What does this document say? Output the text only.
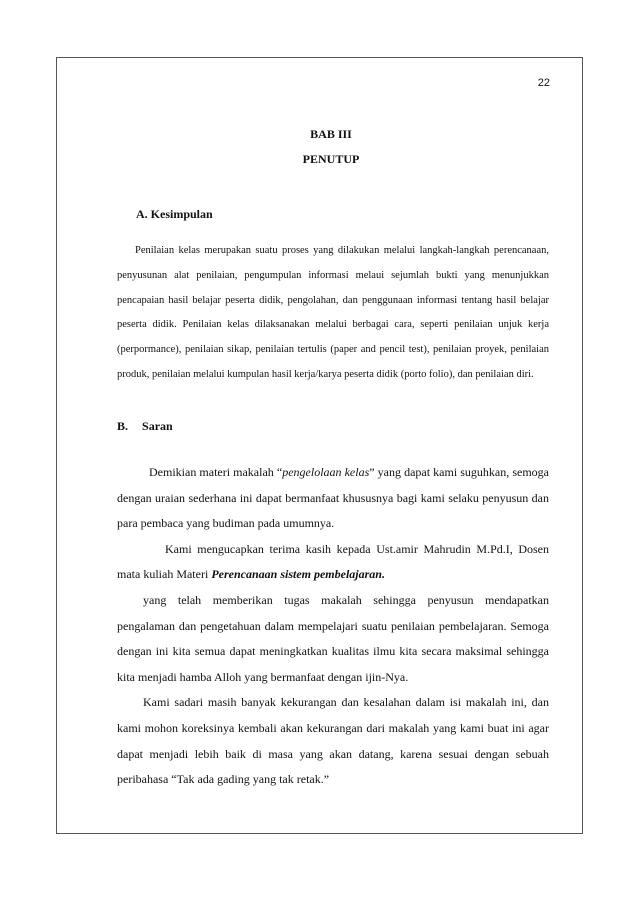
22
BAB III
PENUTUP
A. Kesimpulan

Penilaian kelas merupakan suatu proses yang dilakukan melalui langkah-langkah perencanaan, penyusunan alat penilaian, pengumpulan informasi melaui sejumlah bukti yang menunjukkan pencapaian hasil belajar peserta didik, pengolahan, dan penggunaan informasi tentang hasil belajar peserta didik. Penilaian kelas dilaksanakan melalui berbagai cara, seperti penilaian unjuk kerja (perpormance), penilaian sikap, penilaian tertulis (paper and pencil test), penilaian proyek, penilaian produk, penilaian melalui kumpulan hasil kerja/karya peserta didik (porto folio), dan penilaian diri.

B. Saran
Demikian materi makalah “pengelolaan kelas” yang dapat kami suguhkan, semoga dengan uraian sederhana ini dapat bermanfaat khususnya bagi kami selaku penyusun dan para pembaca yang budiman pada umumnya.
Kami mengucapkan terima kasih kepada Ust.amir Mahrudin M.Pd.I, Dosen mata kuliah Materi Perencanaan sistem pembelajaran.
yang telah memberikan tugas makalah sehingga penyusun mendapatkan pengalaman dan pengetahuan dalam mempelajari suatu penilaian pembelajaran. Semoga dengan ini kita semua dapat meningkatkan kualitas ilmu kita secara maksimal sehingga kita menjadi hamba Alloh yang bermanfaat dengan ijin-Nya.
Kami sadari masih banyak kekurangan dan kesalahan dalam isi makalah ini, dan kami mohon koreksinya kembali akan kekurangan dari makalah yang kami buat ini agar dapat menjadi lebih baik di masa yang akan datang, karena sesuai dengan sebuah peribahasa “Tak ada gading yang tak retak.”
